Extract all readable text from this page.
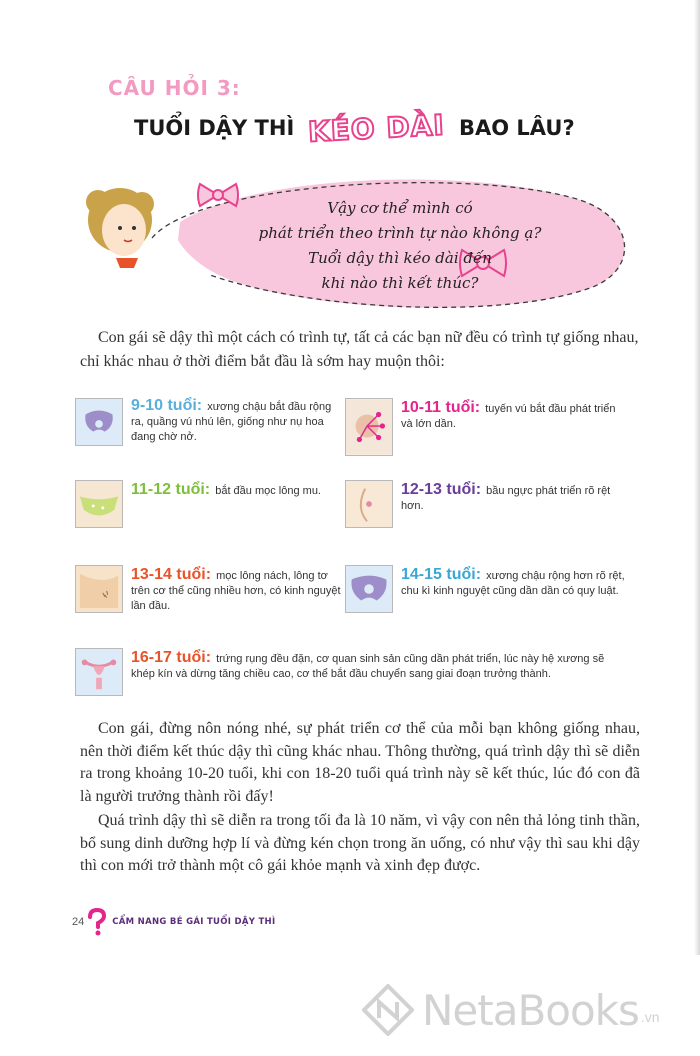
CÂU HỎI 3:
TUỔI DẬY THÌ KÉO DÀI BAO LÂU?
Vậy cơ thể mình có
phát triển theo trình tự nào không ạ?
Tuổi dậy thì kéo dài đến
khi nào thì kết thúc?
Con gái sẽ dậy thì một cách có trình tự, tất cả các bạn nữ đều có trình tự giống nhau, chỉ khác nhau ở thời điểm bắt đầu là sớm hay muộn thôi:
9-10 tuổi: xương chậu bắt đầu rộng ra, quầng vú nhú lên, giống như nụ hoa đang chờ nở.
10-11 tuổi: tuyến vú bắt đầu phát triển và lớn dần.
11-12 tuổi: bắt đầu mọc lông mu.	12-13 tuổi: bầu ngực phát triển rõ rệt hơn.
13-14 tuổi: mọc lông nách, lông tơ trên cơ thể cũng nhiều hơn, có kinh nguyệt lần đầu.
14-15 tuổi: xương chậu rộng hơn rõ rệt, chu kì kinh nguyệt cũng dần dần có quy luật.
16-17 tuổi: trứng rụng đều đặn, cơ quan sinh sản cũng dần phát triển, lúc này hệ xương sẽ khép kín và dừng tăng chiều cao, cơ thể bắt đầu chuyển sang giai đoạn trưởng thành.
Con gái, đừng nôn nóng nhé, sự phát triển cơ thể của mỗi bạn không giống nhau, nên thời điểm kết thúc dậy thì cũng khác nhau. Thông thường, quá trình dậy thì sẽ diễn ra trong khoảng 10-20 tuổi, khi con 18-20 tuổi quá trình này sẽ kết thúc, lúc đó con đã là người trưởng thành rồi đấy!
Quá trình dậy thì sẽ diễn ra trong tối đa là 10 năm, vì vậy con nên thả lỏng tinh thần, bổ sung dinh dưỡng hợp lí và đừng kén chọn trong ăn uống, có như vậy thì sau khi dậy thì con mới trở thành một cô gái khỏe mạnh và xinh đẹp được.
24	CẨM NANG BÉ GÁI TUỔI DẬY THÌ
NetaBooks .vn
